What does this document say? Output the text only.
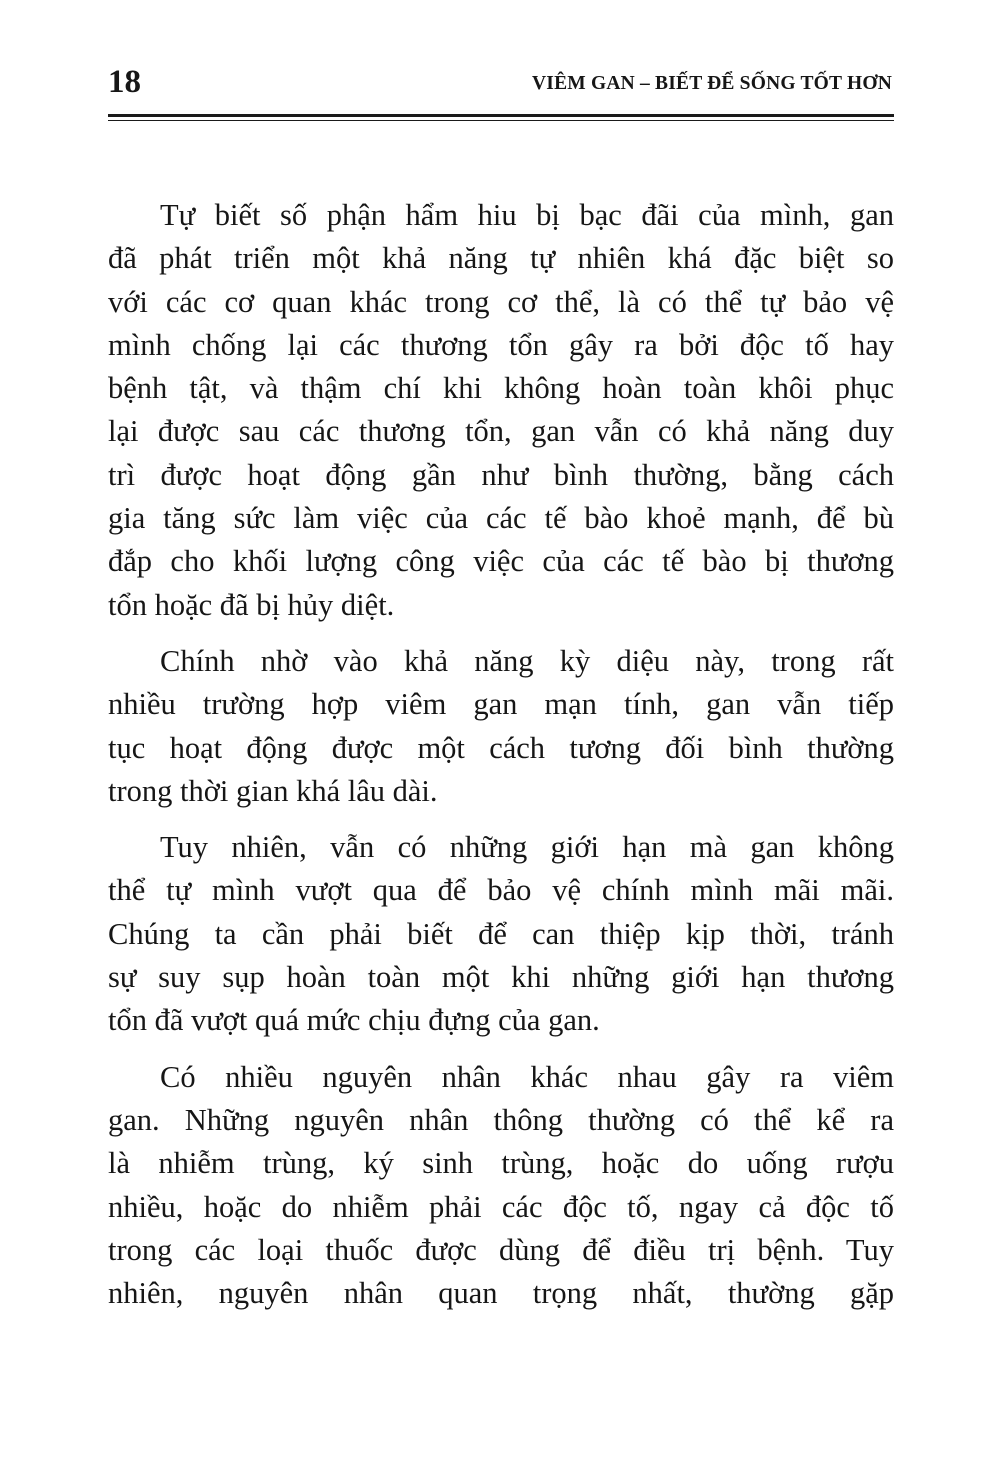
18	VIÊM GAN – BIẾT ĐỂ SỐNG TỐT HƠN
Tự biết số phận hẩm hiu bị bạc đãi của mình, gan
đã phát triển một khả năng tự nhiên khá đặc biệt so
với các cơ quan khác trong cơ thể, là có thể tự bảo vệ
mình chống lại các thương tổn gây ra bởi độc tố hay
bệnh tật, và thậm chí khi không hoàn toàn khôi phục
lại được sau các thương tổn, gan vẫn có khả năng duy
trì được hoạt động gần như bình thường, bằng cách
gia tăng sức làm việc của các tế bào khoẻ mạnh, để bù
đắp cho khối lượng công việc của các tế bào bị thương
tổn hoặc đã bị hủy diệt.
Chính nhờ vào khả năng kỳ diệu này, trong rất
nhiều trường hợp viêm gan mạn tính, gan vẫn tiếp
tục hoạt động được một cách tương đối bình thường
trong thời gian khá lâu dài.
Tuy nhiên, vẫn có những giới hạn mà gan không
thể tự mình vượt qua để bảo vệ chính mình mãi mãi.
Chúng ta cần phải biết để can thiệp kịp thời, tránh
sự suy sụp hoàn toàn một khi những giới hạn thương
tổn đã vượt quá mức chịu đựng của gan.
Có nhiều nguyên nhân khác nhau gây ra viêm
gan. Những nguyên nhân thông thường có thể kể ra
là nhiễm trùng, ký sinh trùng, hoặc do uống rượu
nhiều, hoặc do nhiễm phải các độc tố, ngay cả độc tố
trong các loại thuốc được dùng để điều trị bệnh. Tuy
nhiên, nguyên nhân quan trọng nhất, thường gặp
